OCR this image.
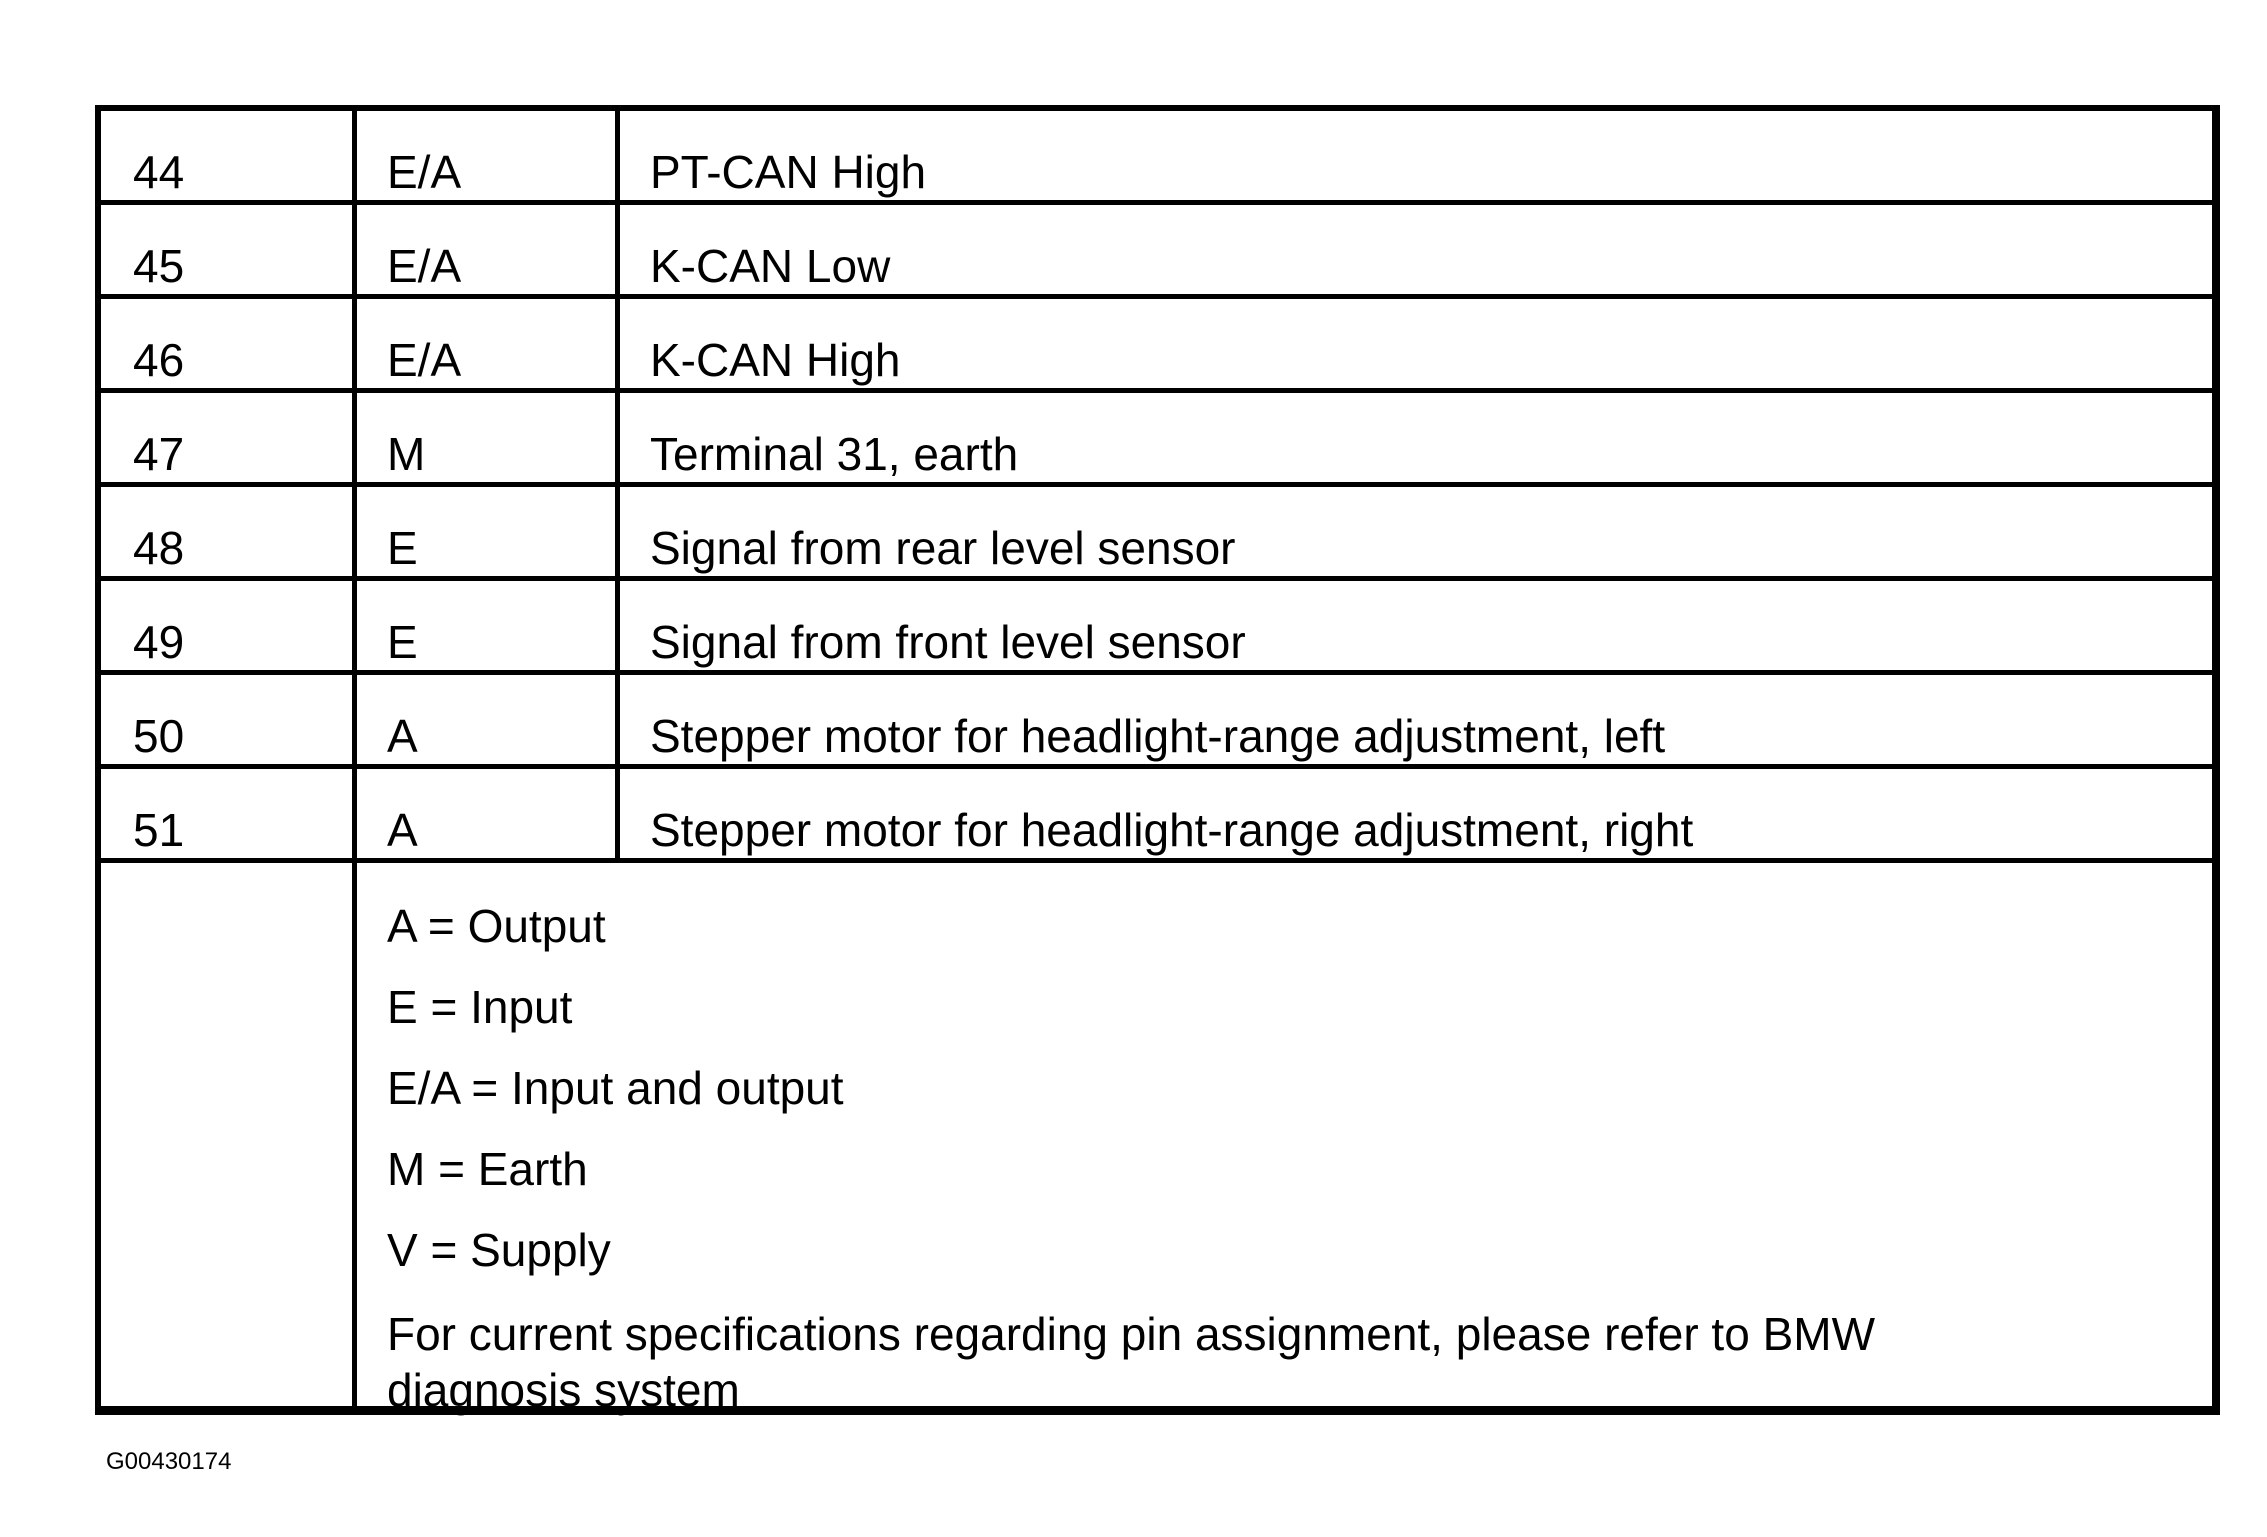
44	E/A	PT-CAN High
45	E/A	K-CAN Low
46	E/A	K-CAN High
47	M	Terminal 31, earth
48	E	Signal from rear level sensor
49	E	Signal from front level sensor
50	A	Stepper motor for headlight-range adjustment, left
51	A	Stepper motor for headlight-range adjustment, right
A = Output
E = Input
E/A = Input and output
M = Earth
V = Supply
For current specifications regarding pin assignment, please refer to BMW diagnosis system
G00430174
